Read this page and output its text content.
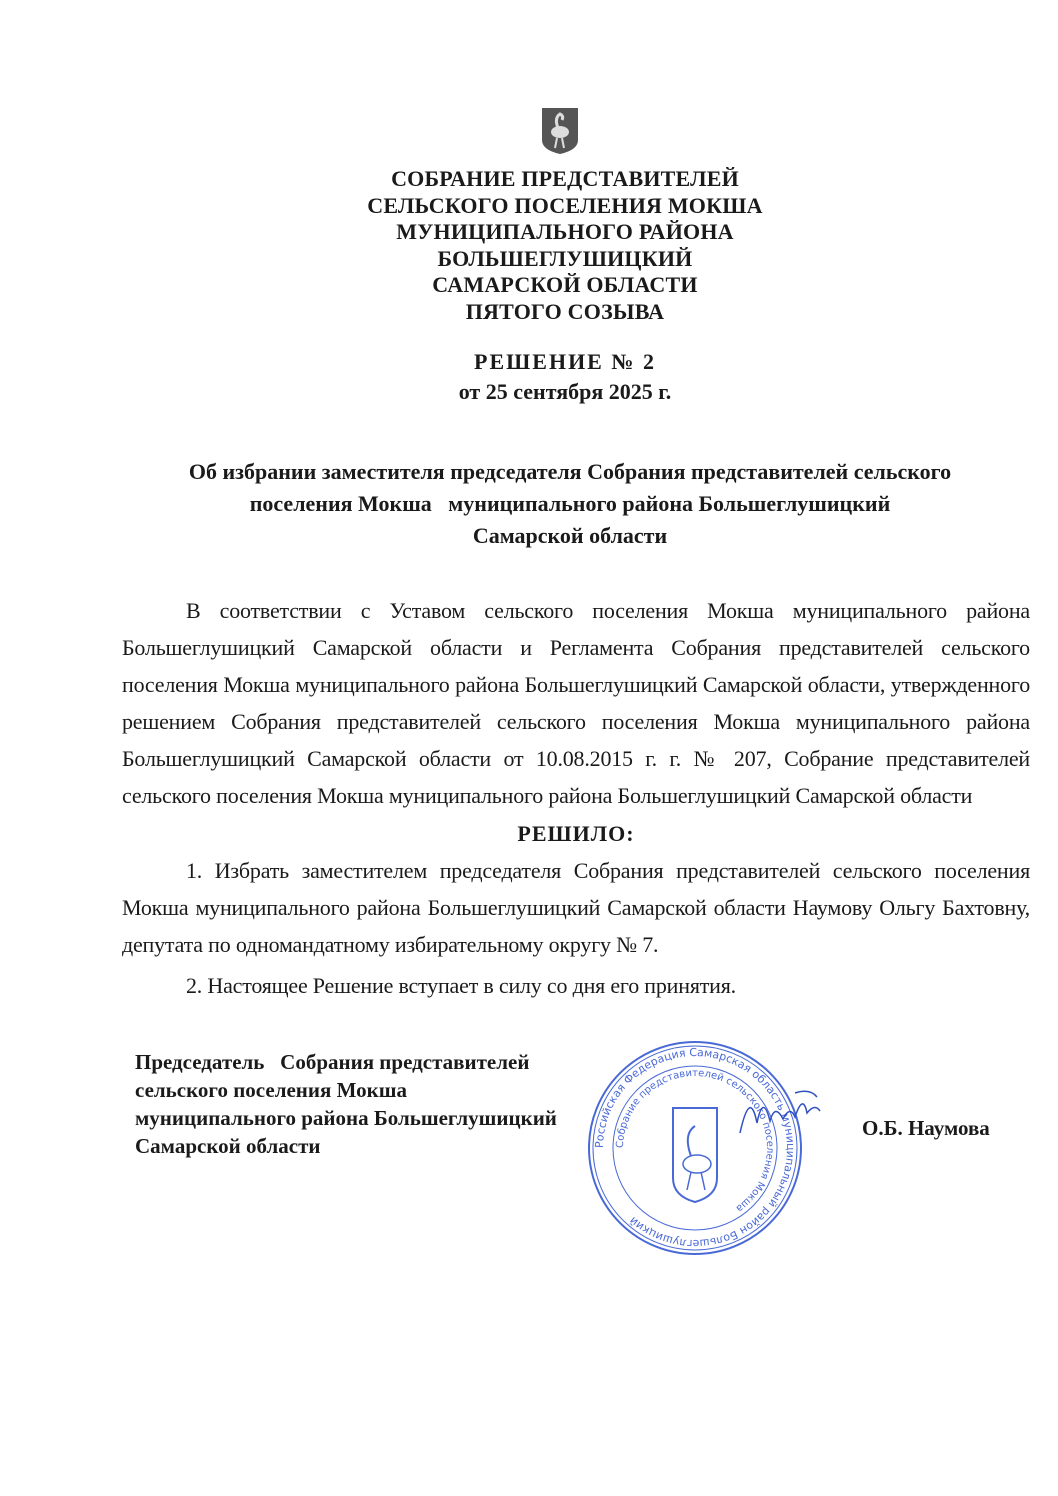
СОБРАНИЕ ПРЕДСТАВИТЕЛЕЙ
СЕЛЬСКОГО ПОСЕЛЕНИЯ МОКША
МУНИЦИПАЛЬНОГО РАЙОНА
БОЛЬШЕГЛУШИЦКИЙ
САМАРСКОЙ ОБЛАСТИ
ПЯТОГО СОЗЫВА
РЕШЕНИЕ № 2
от 25 сентября 2025 г.
Об избрании заместителя председателя Собрания представителей сельского
поселения Мокша   муниципального района Большеглушицкий
Самарской области

В соответствии с Уставом сельского поселения Мокша муниципального района Большеглушицкий Самарской области и Регламента Собрания представителей сельского поселения Мокша муниципального района Большеглушицкий Самарской области, утвержденного решением Собрания представителей сельского поселения Мокша муниципального района Большеглушицкий Самарской области от 10.08.2015 г. г. № 207, Собрание представителей сельского поселения Мокша муниципального района Большеглушицкий Самарской области

РЕШИЛО:

1. Избрать заместителем председателя Собрания представителей сельского поселения Мокша муниципального района Большеглушицкий Самарской области Наумову Ольгу Бахтовну, депутата по одномандатному избирательному округу № 7.

2. Настоящее Решение вступает в силу со дня его принятия.

Председатель   Собрания представителей
сельского поселения Мокша
муниципального района Большеглушицкий
Самарской области	Российская Федерация Самарская область муниципальный район Большеглушицкий
Собрание представителей сельского поселения Мокша
О.Б. Наумова
